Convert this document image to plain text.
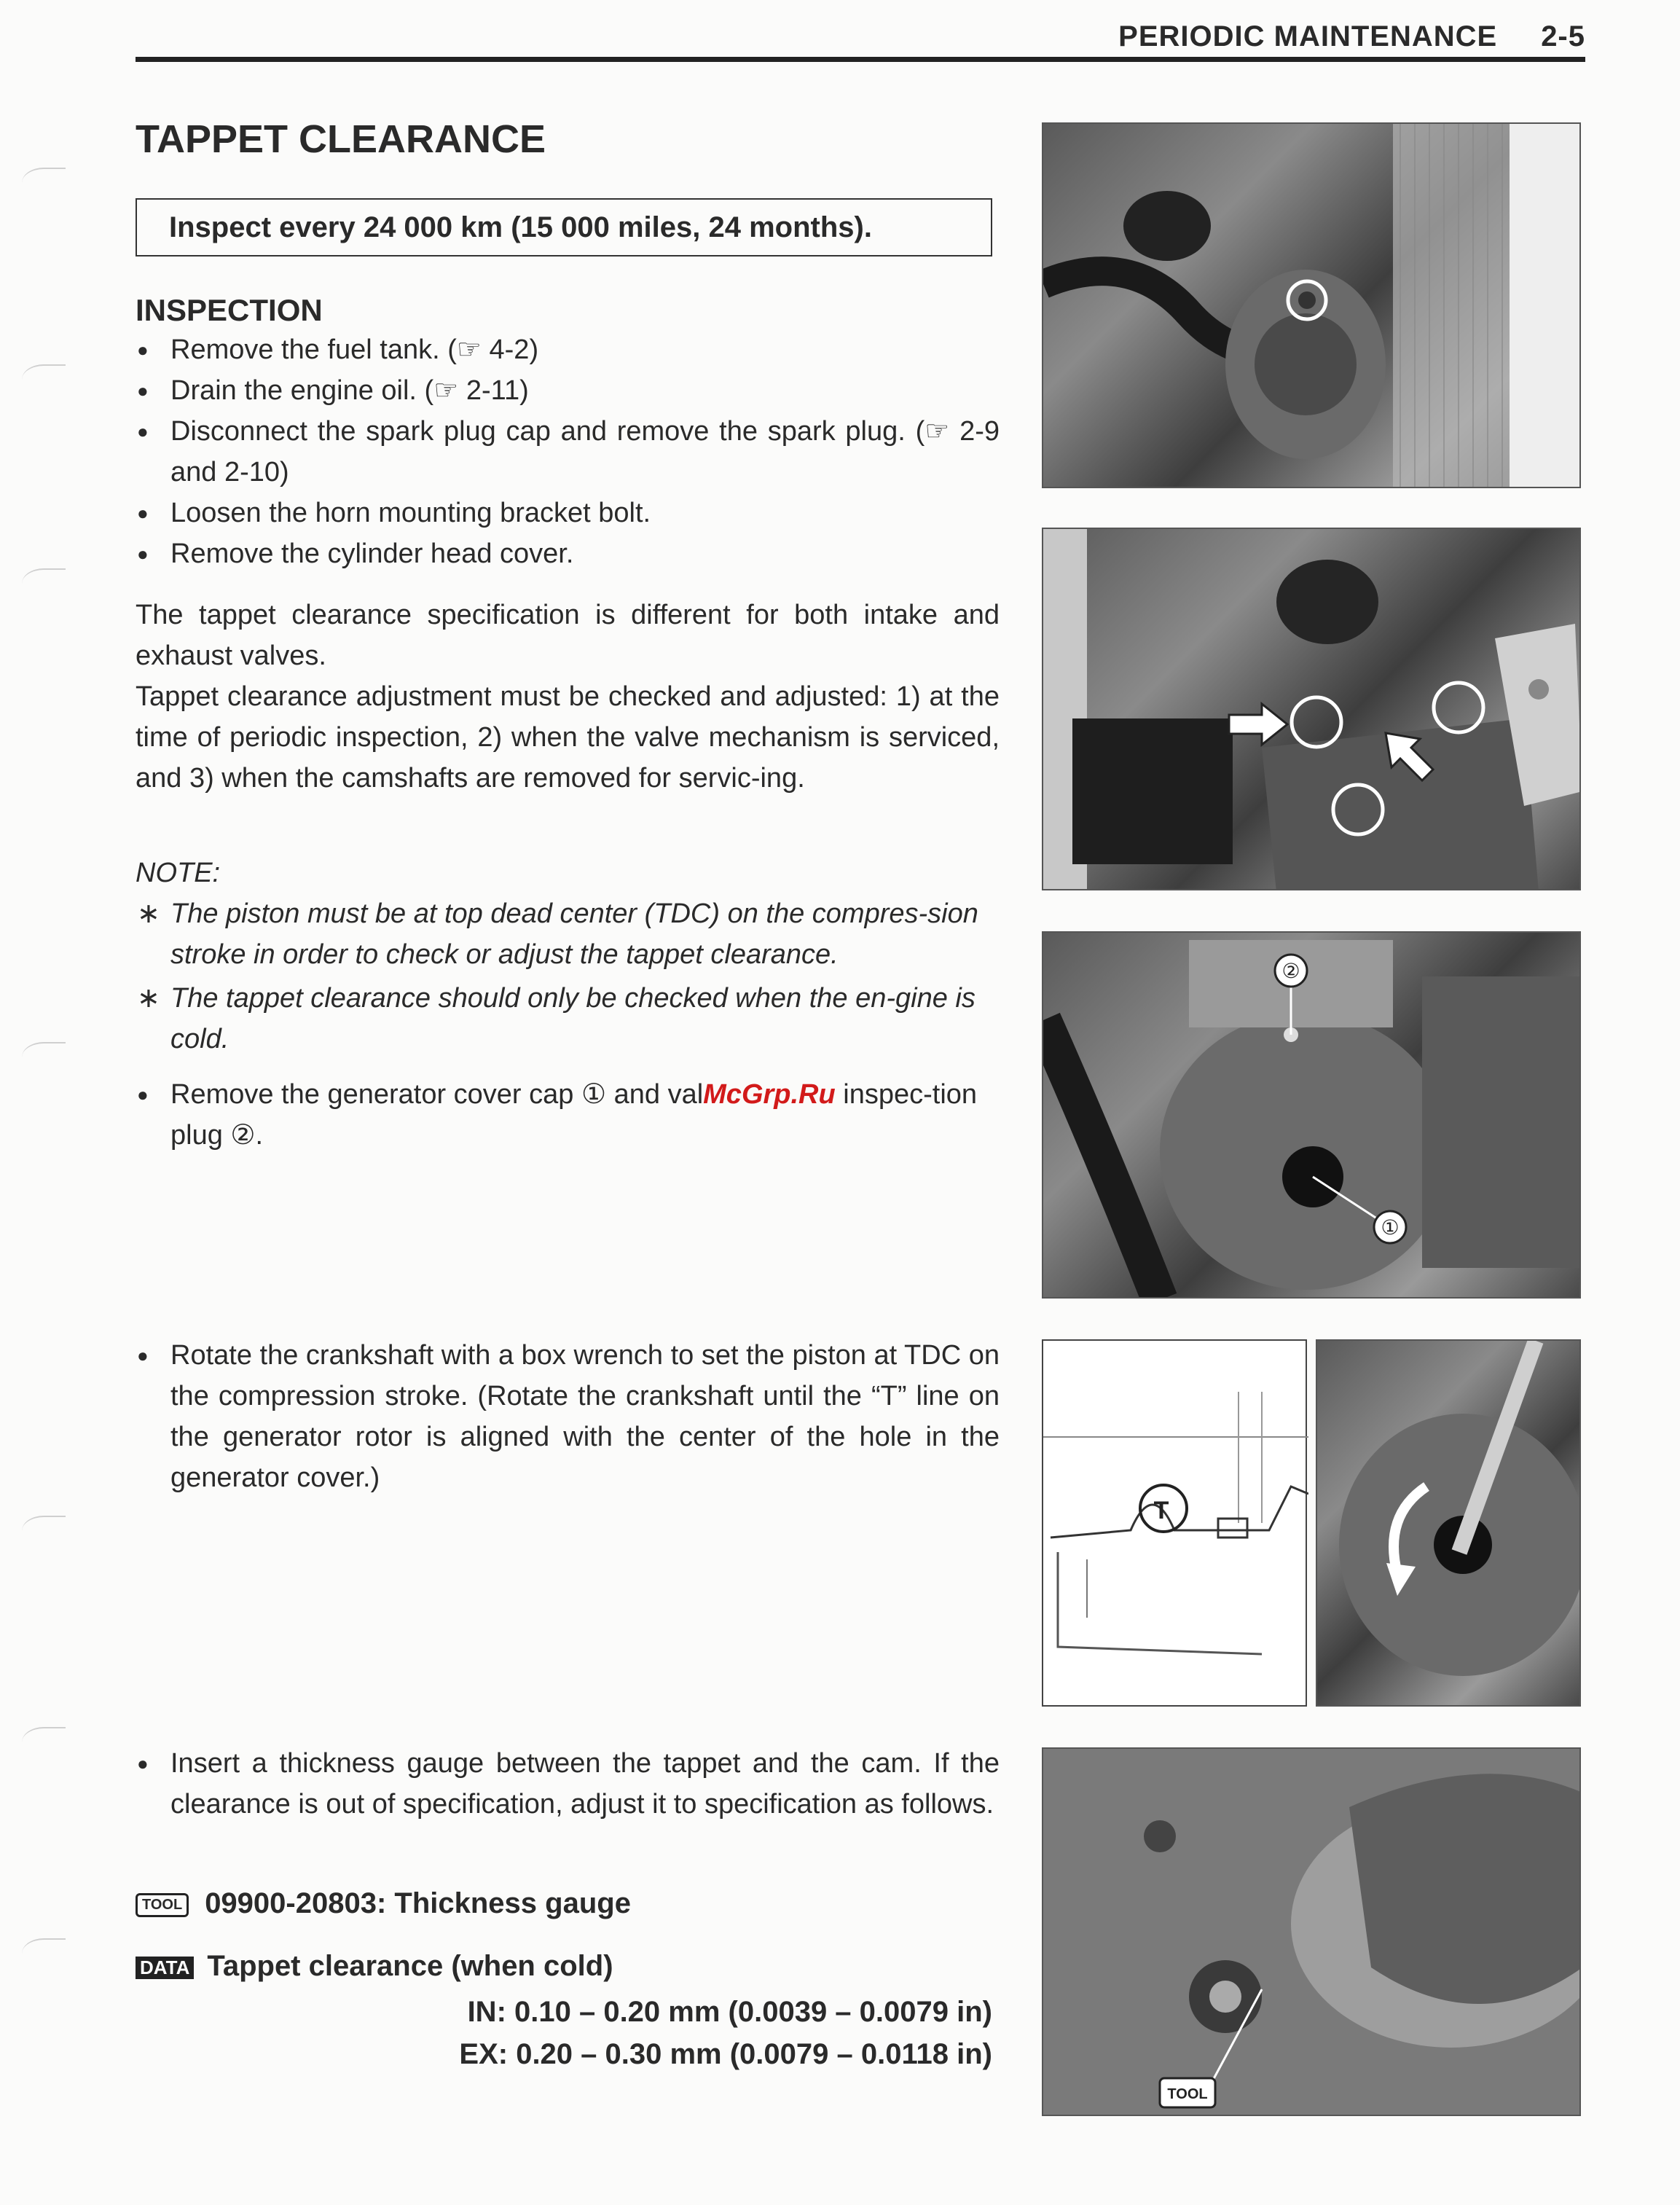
PERIODIC MAINTENANCE 2-5
TAPPET CLEARANCE
Inspect every 24 000 km (15 000 miles, 24 months).
INSPECTION
● Remove the fuel tank. (☞ 4-2)
● Drain the engine oil. (☞ 2-11)
● Disconnect the spark plug cap and remove the spark plug. (☞ 2-9 and 2-10)
● Loosen the horn mounting bracket bolt.
● Remove the cylinder head cover.
The tappet clearance specification is different for both intake and exhaust valves.
Tappet clearance adjustment must be checked and adjusted: 1) at the time of periodic inspection, 2) when the valve mechanism is serviced, and 3) when the camshafts are removed for servic-ing.
NOTE:
∗ The piston must be at top dead center (TDC) on the compres-sion stroke in order to check or adjust the tappet clearance.
∗ The tappet clearance should only be checked when the en-gine is cold.
● Remove the generator cover cap ① and valMcGrp.Ru inspec-tion plug ②.
● Rotate the crankshaft with a box wrench to set the piston at TDC on the compression stroke. (Rotate the crankshaft until the “T” line on the generator rotor is aligned with the center of the hole in the generator cover.)
● Insert a thickness gauge between the tappet and the cam. If the clearance is out of specification, adjust it to specification as follows.
TOOL 09900-20803: Thickness gauge
DATA Tappet clearance (when cold)
IN: 0.10 – 0.20 mm (0.0039 – 0.0079 in)
EX: 0.20 – 0.30 mm (0.0079 – 0.0118 in)
②
①
T
TOOL
